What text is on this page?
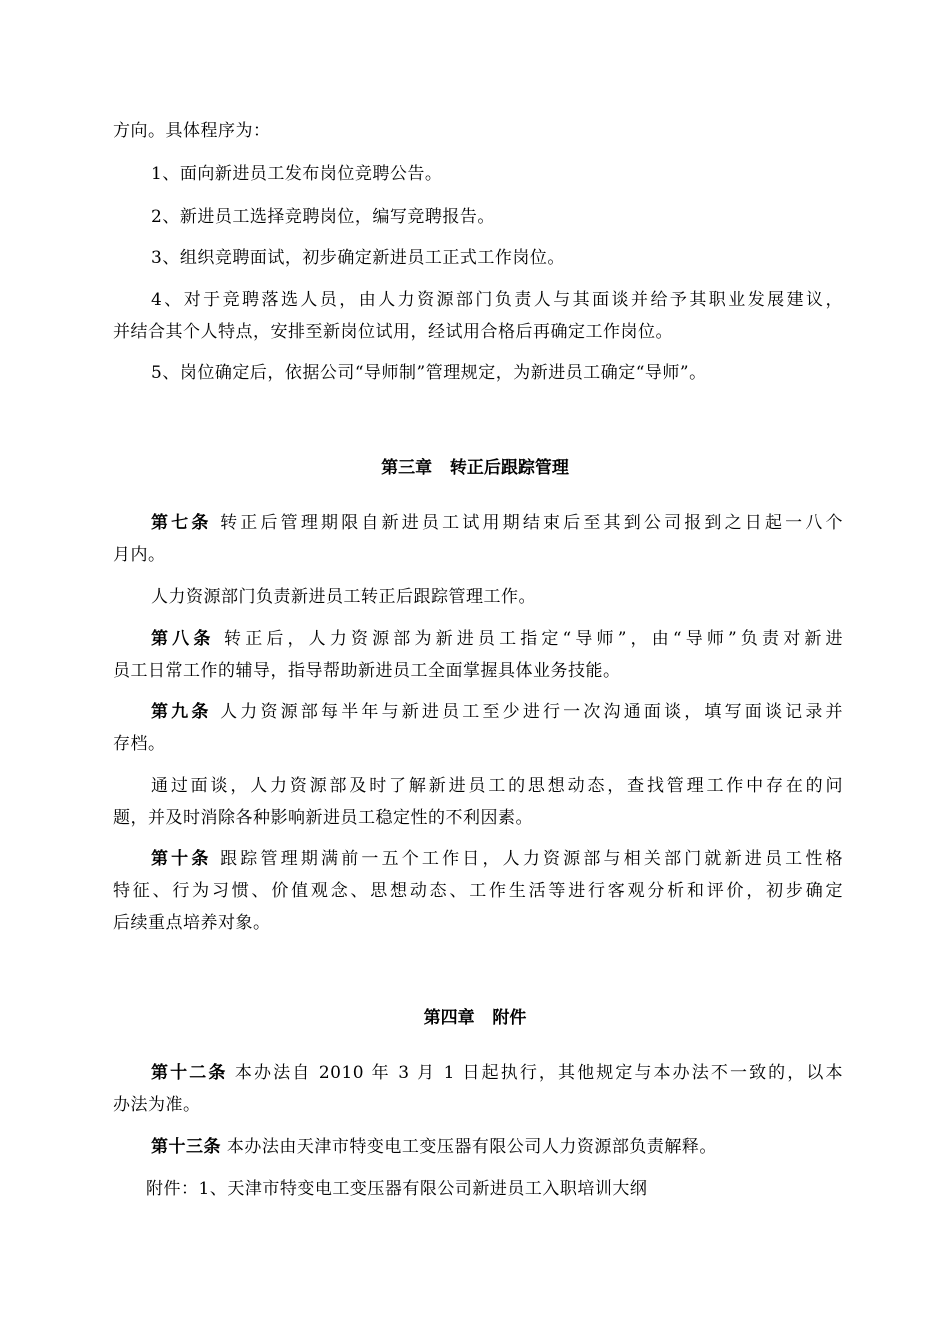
方向。具体程序为：
1、面向新进员工发布岗位竞聘公告。
2、新进员工选择竞聘岗位，编写竞聘报告。
3、组织竞聘面试，初步确定新进员工正式工作岗位。
4、对于竞聘落选人员，由人力资源部门负责人与其面谈并给予其职业发展建议，
并结合其个人特点，安排至新岗位试用，经试用合格后再确定工作岗位。
5、岗位确定后，依据公司“导师制”管理规定，为新进员工确定“导师”。
第三章   转正后跟踪管理
第七条 转正后管理期限自新进员工试用期结束后至其到公司报到之日起一八个
月内。
人力资源部门负责新进员工转正后跟踪管理工作。
第八条 转正后，人力资源部为新进员工指定“导师”，由“导师”负责对新进
员工日常工作的辅导，指导帮助新进员工全面掌握具体业务技能。
第九条 人力资源部每半年与新进员工至少进行一次沟通面谈，填写面谈记录并
存档。
通过面谈，人力资源部及时了解新进员工的思想动态，查找管理工作中存在的问
题，并及时消除各种影响新进员工稳定性的不利因素。
第十条 跟踪管理期满前一五个工作日，人力资源部与相关部门就新进员工性格
特征、行为习惯、价值观念、思想动态、工作生活等进行客观分析和评价，初步确定
后续重点培养对象。
第四章   附件
第十二条 本办法自 2010 年 3 月 1 日起执行，其他规定与本办法不一致的，以本
办法为准。
第十三条 本办法由天津市特变电工变压器有限公司人力资源部负责解释。
附件：1、天津市特变电工变压器有限公司新进员工入职培训大纲
